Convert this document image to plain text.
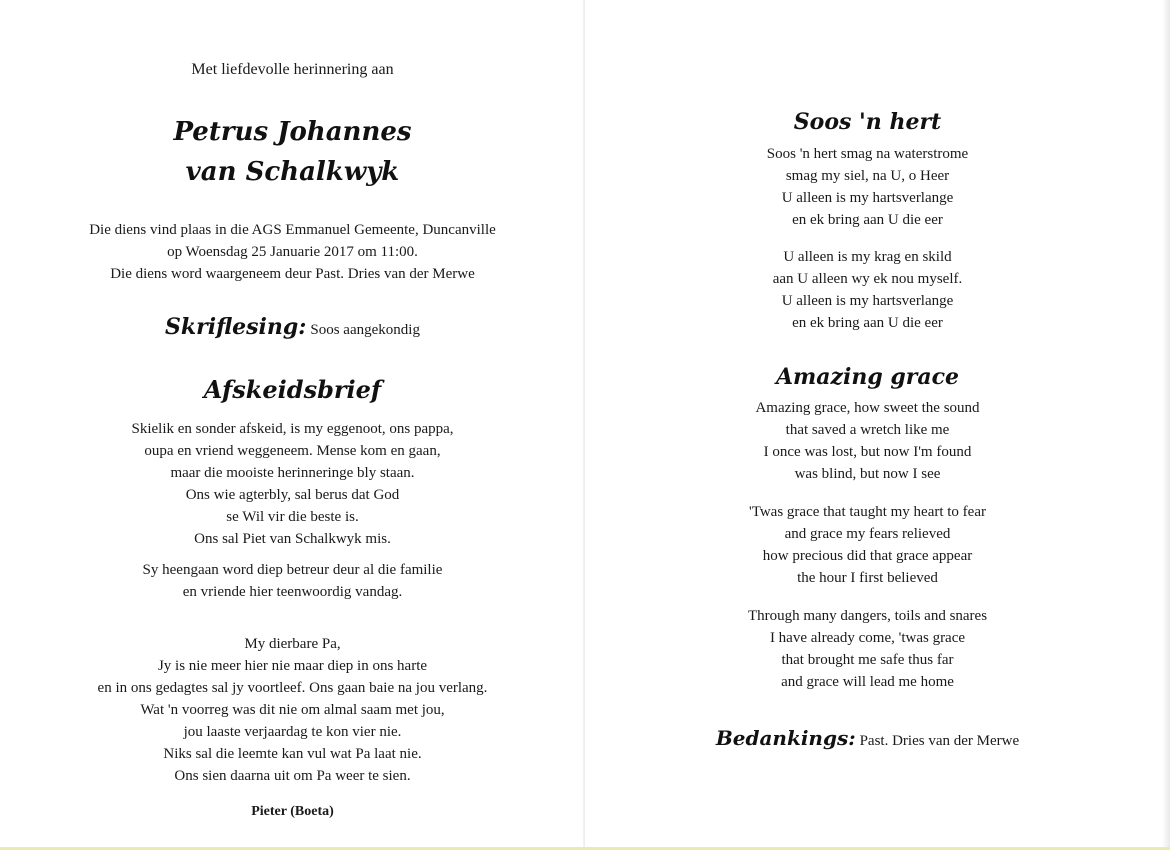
Met liefdevolle herinnering aan
Petrus Johannes
van Schalkwyk
Die diens vind plaas in die AGS Emmanuel Gemeente, Duncanville
op Woensdag 25 Januarie 2017 om 11:00.
Die diens word waargeneem deur Past. Dries van der Merwe
Skriflesing: Soos aangekondig
Afskeidsbrief
Skielik en sonder afskeid, is my eggenoot, ons pappa,
oupa en vriend weggeneem. Mense kom en gaan,
maar die mooiste herinneringe bly staan.
Ons wie agterbly, sal berus dat God
se Wil vir die beste is.
Ons sal Piet van Schalkwyk mis.
Sy heengaan word diep betreur deur al die familie
en vriende hier teenwoordig vandag.
My dierbare Pa,
Jy is nie meer hier nie maar diep in ons harte
en in ons gedagtes sal jy voortleef. Ons gaan baie na jou verlang.
Wat 'n voorreg was dit nie om almal saam met jou,
jou laaste verjaardag te kon vier nie.
Niks sal die leemte kan vul wat Pa laat nie.
Ons sien daarna uit om Pa weer te sien.
Pieter (Boeta)
Soos 'n hert
Soos 'n hert smag na waterstrome
smag my siel, na U, o Heer
U alleen is my hartsverlange
en ek bring aan U die eer
U alleen is my krag en skild
aan U alleen wy ek nou myself.
U alleen is my hartsverlange
en ek bring aan U die eer
Amazing grace
Amazing grace, how sweet the sound
that saved a wretch like me
I once was lost, but now I'm found
was blind, but now I see
'Twas grace that taught my heart to fear
and grace my fears relieved
how precious did that grace appear
the hour I first believed
Through many dangers, toils and snares
I have already come, 'twas grace
that brought me safe thus far
and grace will lead me home
Bedankings: Past. Dries van der Merwe
